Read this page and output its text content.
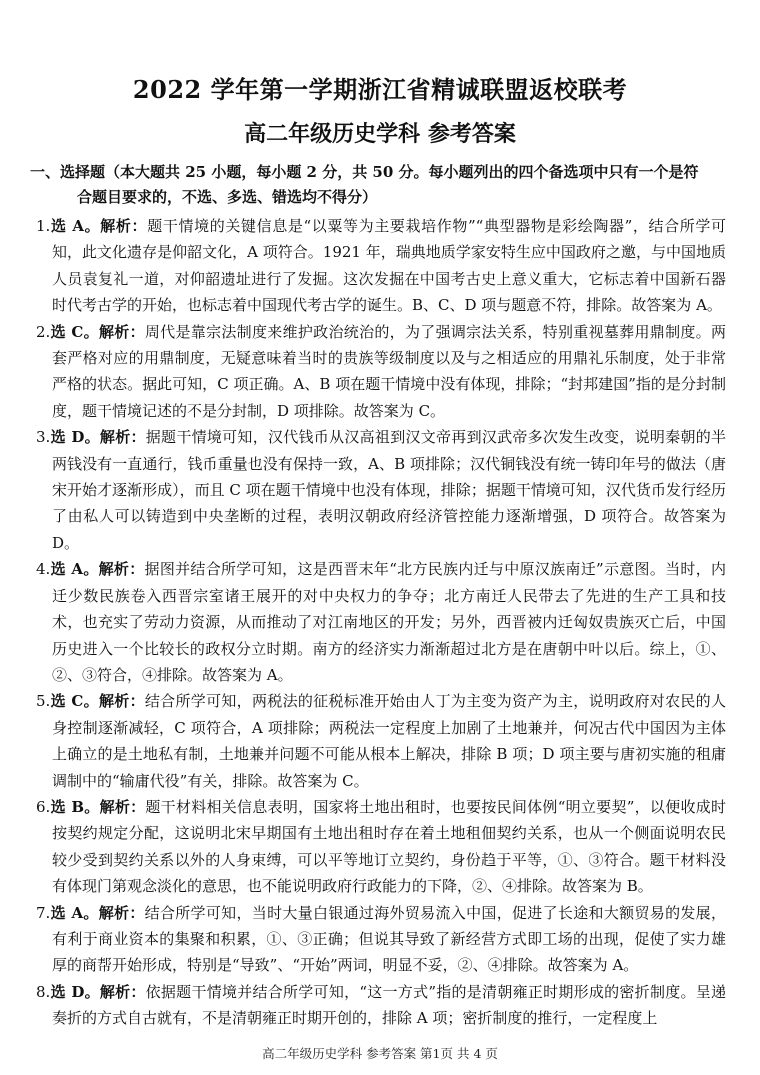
2022 学年第一学期浙江省精诚联盟返校联考
高二年级历史学科 参考答案
一、选择题（本大题共 25 小题，每小题 2 分，共 50 分。每小题列出的四个备选项中只有一个是符
合题目要求的，不选、多选、错选均不得分）

1.选 A。解析：题干情境的关键信息是“以粟等为主要栽培作物”“典型器物是彩绘陶器”，结合所学可知，此文化遗存是仰韶文化，A 项符合。1921 年，瑞典地质学家安特生应中国政府之邀，与中国地质人员袁复礼一道，对仰韶遗址进行了发掘。这次发掘在中国考古史上意义重大，它标志着中国新石器时代考古学的开始，也标志着中国现代考古学的诞生。B、C、D 项与题意不符，排除。故答案为 A。

2.选 C。解析：周代是靠宗法制度来维护政治统治的，为了强调宗法关系，特别重视墓葬用鼎制度。两套严格对应的用鼎制度，无疑意味着当时的贵族等级制度以及与之相适应的用鼎礼乐制度，处于非常严格的状态。据此可知，C 项正确。A、B 项在题干情境中没有体现，排除；“封邦建国”指的是分封制度，题干情境记述的不是分封制，D 项排除。故答案为 C。

3.选 D。解析：据题干情境可知，汉代钱币从汉高祖到汉文帝再到汉武帝多次发生改变，说明秦朝的半两钱没有一直通行，钱币重量也没有保持一致，A、B 项排除；汉代铜钱没有统一铸印年号的做法（唐宋开始才逐渐形成），而且 C 项在题干情境中也没有体现，排除；据题干情境可知，汉代货币发行经历了由私人可以铸造到中央垄断的过程，表明汉朝政府经济管控能力逐渐增强，D 项符合。故答案为 D。

4.选 A。解析：据图并结合所学可知，这是西晋末年“北方民族内迁与中原汉族南迁”示意图。当时，内迁少数民族卷入西晋宗室诸王展开的对中央权力的争夺；北方南迁人民带去了先进的生产工具和技术，也充实了劳动力资源，从而推动了对江南地区的开发；另外，西晋被内迁匈奴贵族灭亡后，中国历史进入一个比较长的政权分立时期。南方的经济实力渐渐超过北方是在唐朝中叶以后。综上，①、②、③符合，④排除。故答案为 A。

5.选 C。解析：结合所学可知，两税法的征税标准开始由人丁为主变为资产为主，说明政府对农民的人身控制逐渐减轻，C 项符合，A 项排除；两税法一定程度上加剧了土地兼并，何况古代中国因为主体上确立的是土地私有制，土地兼并问题不可能从根本上解决，排除 B 项；D 项主要与唐初实施的租庸调制中的“输庸代役”有关，排除。故答案为 C。

6.选 B。解析：题干材料相关信息表明，国家将土地出租时，也要按民间体例“明立要契”，以便收成时按契约规定分配，这说明北宋早期国有土地出租时存在着土地租佃契约关系，也从一个侧面说明农民较少受到契约关系以外的人身束缚，可以平等地订立契约，身份趋于平等，①、③符合。题干材料没有体现门第观念淡化的意思，也不能说明政府行政能力的下降，②、④排除。故答案为 B。

7.选 A。解析：结合所学可知，当时大量白银通过海外贸易流入中国，促进了长途和大额贸易的发展，有利于商业资本的集聚和积累，①、③正确；但说其导致了新经营方式即工场的出现，促使了实力雄厚的商帮开始形成，特别是“导致”、“开始”两词，明显不妥，②、④排除。故答案为 A。

8.选 D。解析：依据题干情境并结合所学可知，“这一方式”指的是清朝雍正时期形成的密折制度。呈递奏折的方式自古就有，不是清朝雍正时期开创的，排除 A 项；密折制度的推行，一定程度上

高二年级历史学科 参考答案 第1页 共 4 页
